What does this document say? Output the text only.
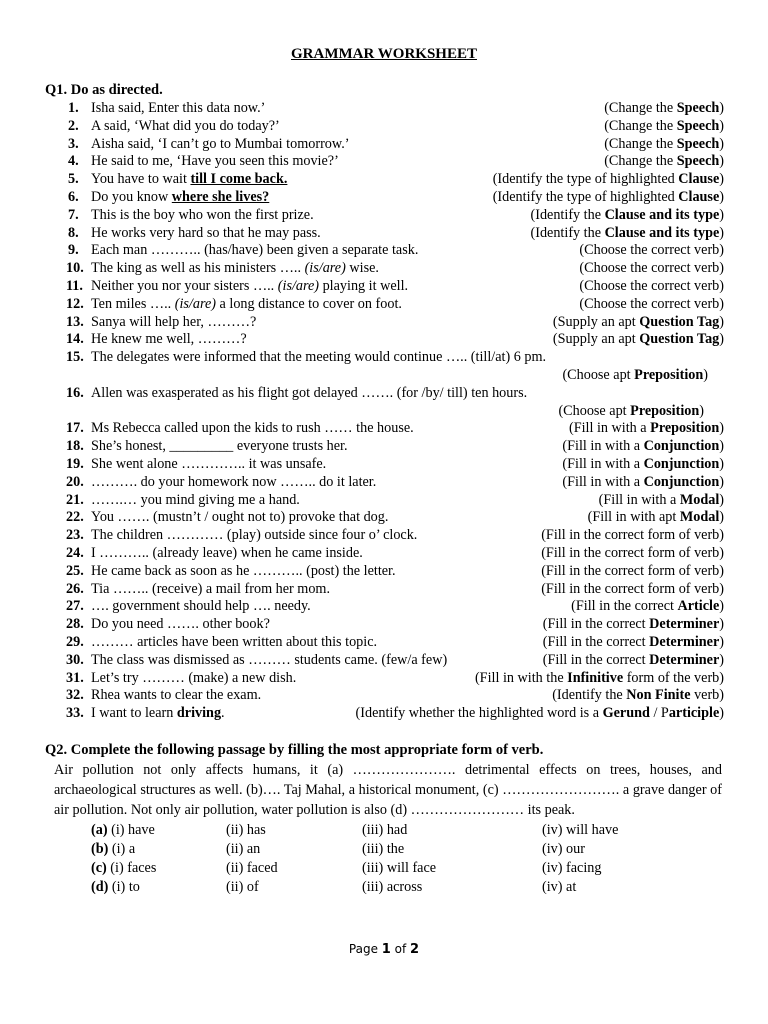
GRAMMAR WORKSHEET
Q1. Do as directed.
1. Isha said, Enter this data now.’	(Change the Speech)
2. A said, ‘What did you do today?’	(Change the Speech)
3. Aisha said, ‘I can’t go to Mumbai tomorrow.’	(Change the Speech)
4. He said to me, ‘Have you seen this movie?’	(Change the Speech)
5. You have to wait till I come back.	(Identify the type of highlighted Clause)
6. Do you know where she lives?	(Identify the type of highlighted Clause)
7. This is the boy who won the first prize.	(Identify the Clause and its type)
8. He works very hard so that he may pass.	(Identify the Clause and its type)
9. Each man ……….. (has/have) been given a separate task.	(Choose the correct verb)
10. The king as well as his ministers ….. (is/are) wise.	(Choose the correct verb)
11. Neither you nor your sisters ….. (is/are) playing it well.	(Choose the correct verb)
12. Ten miles ….. (is/are) a long distance to cover on foot.	(Choose the correct verb)
13. Sanya will help her, ………?	(Supply an apt Question Tag)
14. He knew me well, ………?	(Supply an apt Question Tag)
15. The delegates were informed that the meeting would continue ….. (till/at) 6 pm.
(Choose apt Preposition)
16. Allen was exasperated as his flight got delayed ……. (for /by/ till) ten hours.
(Choose apt Preposition)
17. Ms Rebecca called upon the kids to rush …… the house.	(Fill in with a Preposition)
18. She’s honest, _________ everyone trusts her.	(Fill in with a Conjunction)
19. She went alone ………….. it was unsafe.	(Fill in with a Conjunction)
20. ………. do your homework now …….. do it later.	(Fill in with a Conjunction)
21. …….… you mind giving me a hand.	(Fill in with a Modal)
22. You ……. (mustn’t / ought not to) provoke that dog.	(Fill in with apt Modal)
23. The children ………… (play) outside since four o’ clock.	(Fill in the correct form of verb)
24. I ……….. (already leave) when he came inside.	(Fill in the correct form of verb)
25. He came back as soon as he ……….. (post) the letter.	(Fill in the correct form of verb)
26. Tia …….. (receive) a mail from her mom.	(Fill in the correct form of verb)
27. …. government should help …. needy.	(Fill in the correct Article)
28. Do you need ……. other book?	(Fill in the correct Determiner)
29. ……… articles have been written about this topic.	(Fill in the correct Determiner)
30. The class was dismissed as ……… students came. (few/a few)	(Fill in the correct Determiner)
31. Let’s try ……… (make) a new dish.	(Fill in with the Infinitive form of the verb)
32. Rhea wants to clear the exam.	(Identify the Non Finite verb)
33. I want to learn driving.	(Identify whether the highlighted word is a Gerund / Participle)
Q2. Complete the following passage by filling the most appropriate form of verb.
Air pollution not only affects humans, it (a) …………………. detrimental effects on trees, houses, and archaeological structures as well. (b)…. Taj Mahal, a historical monument, (c) ……………………. a grave danger of air pollution. Not only air pollution, water pollution is also (d) …………………… its peak.
(a) (i) have	(ii) has	(iii) had	(iv) will have
(b) (i) a	(ii) an	(iii) the	(iv) our
(c) (i) faces	(ii) faced	(iii) will face	(iv) facing
(d) (i) to	(ii) of	(iii) across	(iv) at
Page 1 of 2
